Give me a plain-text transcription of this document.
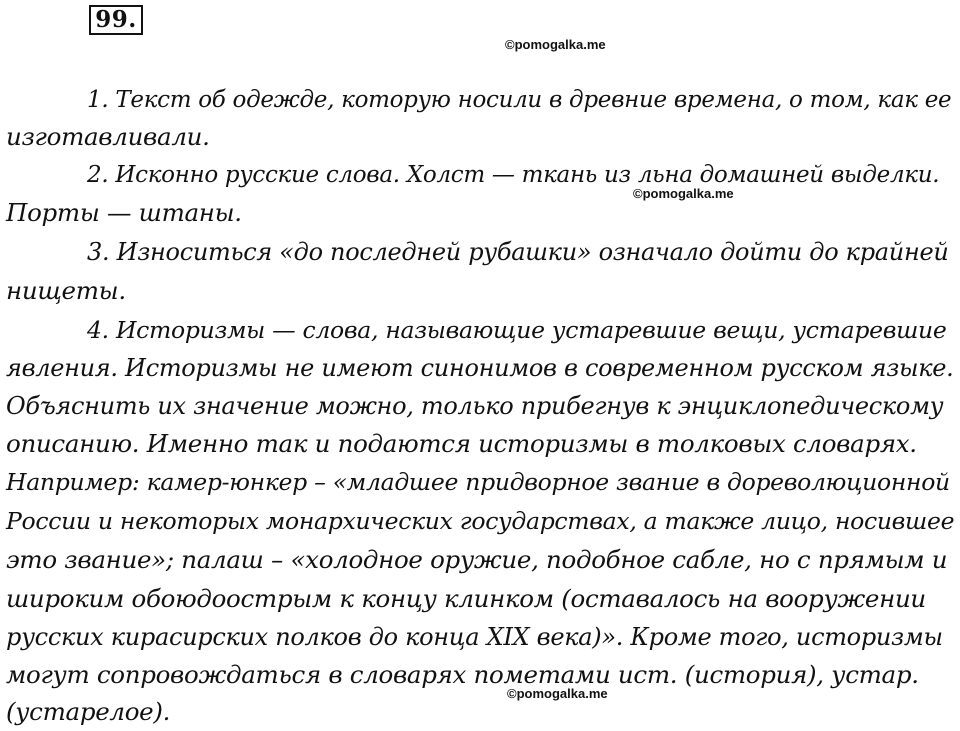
99.
©pomogalka.me
©pomogalka.me
©pomogalka.me
1. Текст об одежде, которую носили в древние времена, о том, как ее
изготавливали.
2. Исконно русские слова. Холст — ткань из льна домашней выделки.
Порты — штаны.
3. Износиться «до последней рубашки» означало дойти до крайней
нищеты.
4. Историзмы — слова, называющие устаревшие вещи, устаревшие
явления. Историзмы не имеют синонимов в современном русском языке.
Объяснить их значение можно, только прибегнув к энциклопедическому
описанию. Именно так и подаются историзмы в толковых словарях.
Например: камер-юнкер – «младшее придворное звание в дореволюционной
России и некоторых монархических государствах, а также лицо, носившее
это звание»; палаш – «холодное оружие, подобное сабле, но с прямым и
широким обоюдоострым к концу клинком (оставалось на вооружении
русских кирасирских полков до конца XIX века)». Кроме того, историзмы
могут сопровождаться в словарях пометами ист. (история), устар.
(устарелое).
